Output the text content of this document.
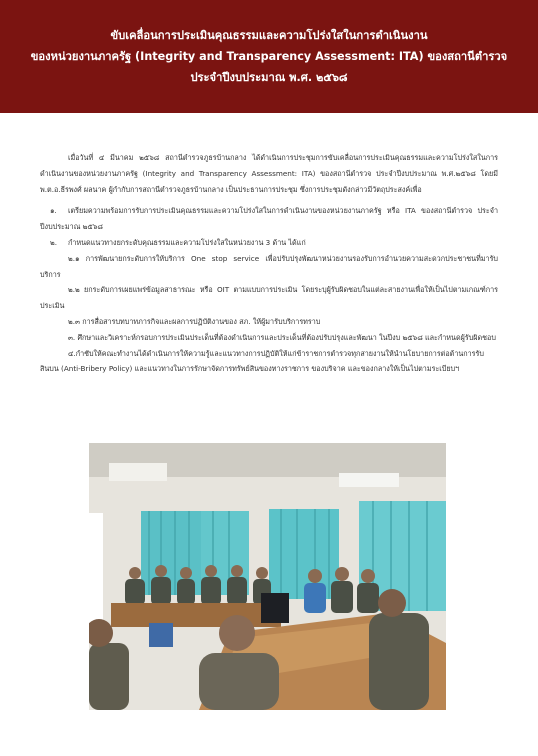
ขับเคลื่อนการประเมินคุณธรรมและความโปร่งใสในการดำเนินงาน
ของหน่วยงานภาครัฐ (Integrity and Transparency Assessment: ITA) ของสถานีตำรวจ
ประจำปีงบประมาณ พ.ศ. ๒๕๖๘

เมื่อวันที่ ๔ มีนาคม ๒๕๖๘ สถานีตำรวจภูธรบ้านกลาง ได้ดำเนินการประชุมการขับเคลื่อนการประเมินคุณธรรมและความโปร่งใสในการดำเนินงานของหน่วยงานภาครัฐ (Integrity and Transparency Assessment: ITA) ของสถานีตำรวจ ประจำปีงบประมาณ พ.ศ.๒๕๖๘ โดยมี พ.ต.อ.ธีรพงศ์ ผลนาค ผู้กำกับการสถานีตำรวจภูธรบ้านกลาง เป็นประธานการประชุม ซึ่งการประชุมดังกล่าวมีวัตถุประสงค์เพื่อ

๑. เตรียมความพร้อมการรับการประเมินคุณธรรมและความโปร่งใสในการดำเนินงานของหน่วยงานภาครัฐ หรือ ITA ของสถานีตำรวจ ประจำปีงบประมาณ ๒๕๖๘

๒. กำหนดแนวทางยกระดับคุณธรรมและความโปร่งใสในหน่วยงาน 3 ด้าน ได้แก่

๒.๑ การพัฒนายกระดับการให้บริการ One stop service เพื่อปรับปรุงพัฒนาหน่วยงานรองรับการอำนวยความสะดวกประชาชนที่มารับบริการ

๒.๒ ยกระดับการเผยแพร่ข้อมูลสาธารณะ หรือ OIT ตามแบบการประเมิน โดยระบุผู้รับผิดชอบในแต่ละสายงานเพื่อให้เป็นไปตามเกณฑ์การประเมิน

๒.๓ การสื่อสารบทบาทภารกิจและผลการปฏิบัติงานของ สภ. ให้ผู้มารับบริการทราบ

๓. ศึกษาและวิเคราะห์กรอบการประเมินประเด็นที่ต้องดำเนินการและประเด็นที่ต้องปรับปรุงและพัฒนา ในปีงบ ๒๕๖๘ และกำหนดผู้รับผิดชอบ

๔.กำชับให้คณะทำงานได้ดำเนินการให้ความรู้และแนวทางการปฏิบัติให้แก่ข้าราชการตำรวจทุกสายงานให้นำนโยบายการต่อต้านการรับสินบน (Anti-Bribery Policy) และแนวทางในการรักษาจัดการทรัพย์สินของทางราชการ ของบริจาค และของกลางให้เป็นไปตามระเบียบฯ
